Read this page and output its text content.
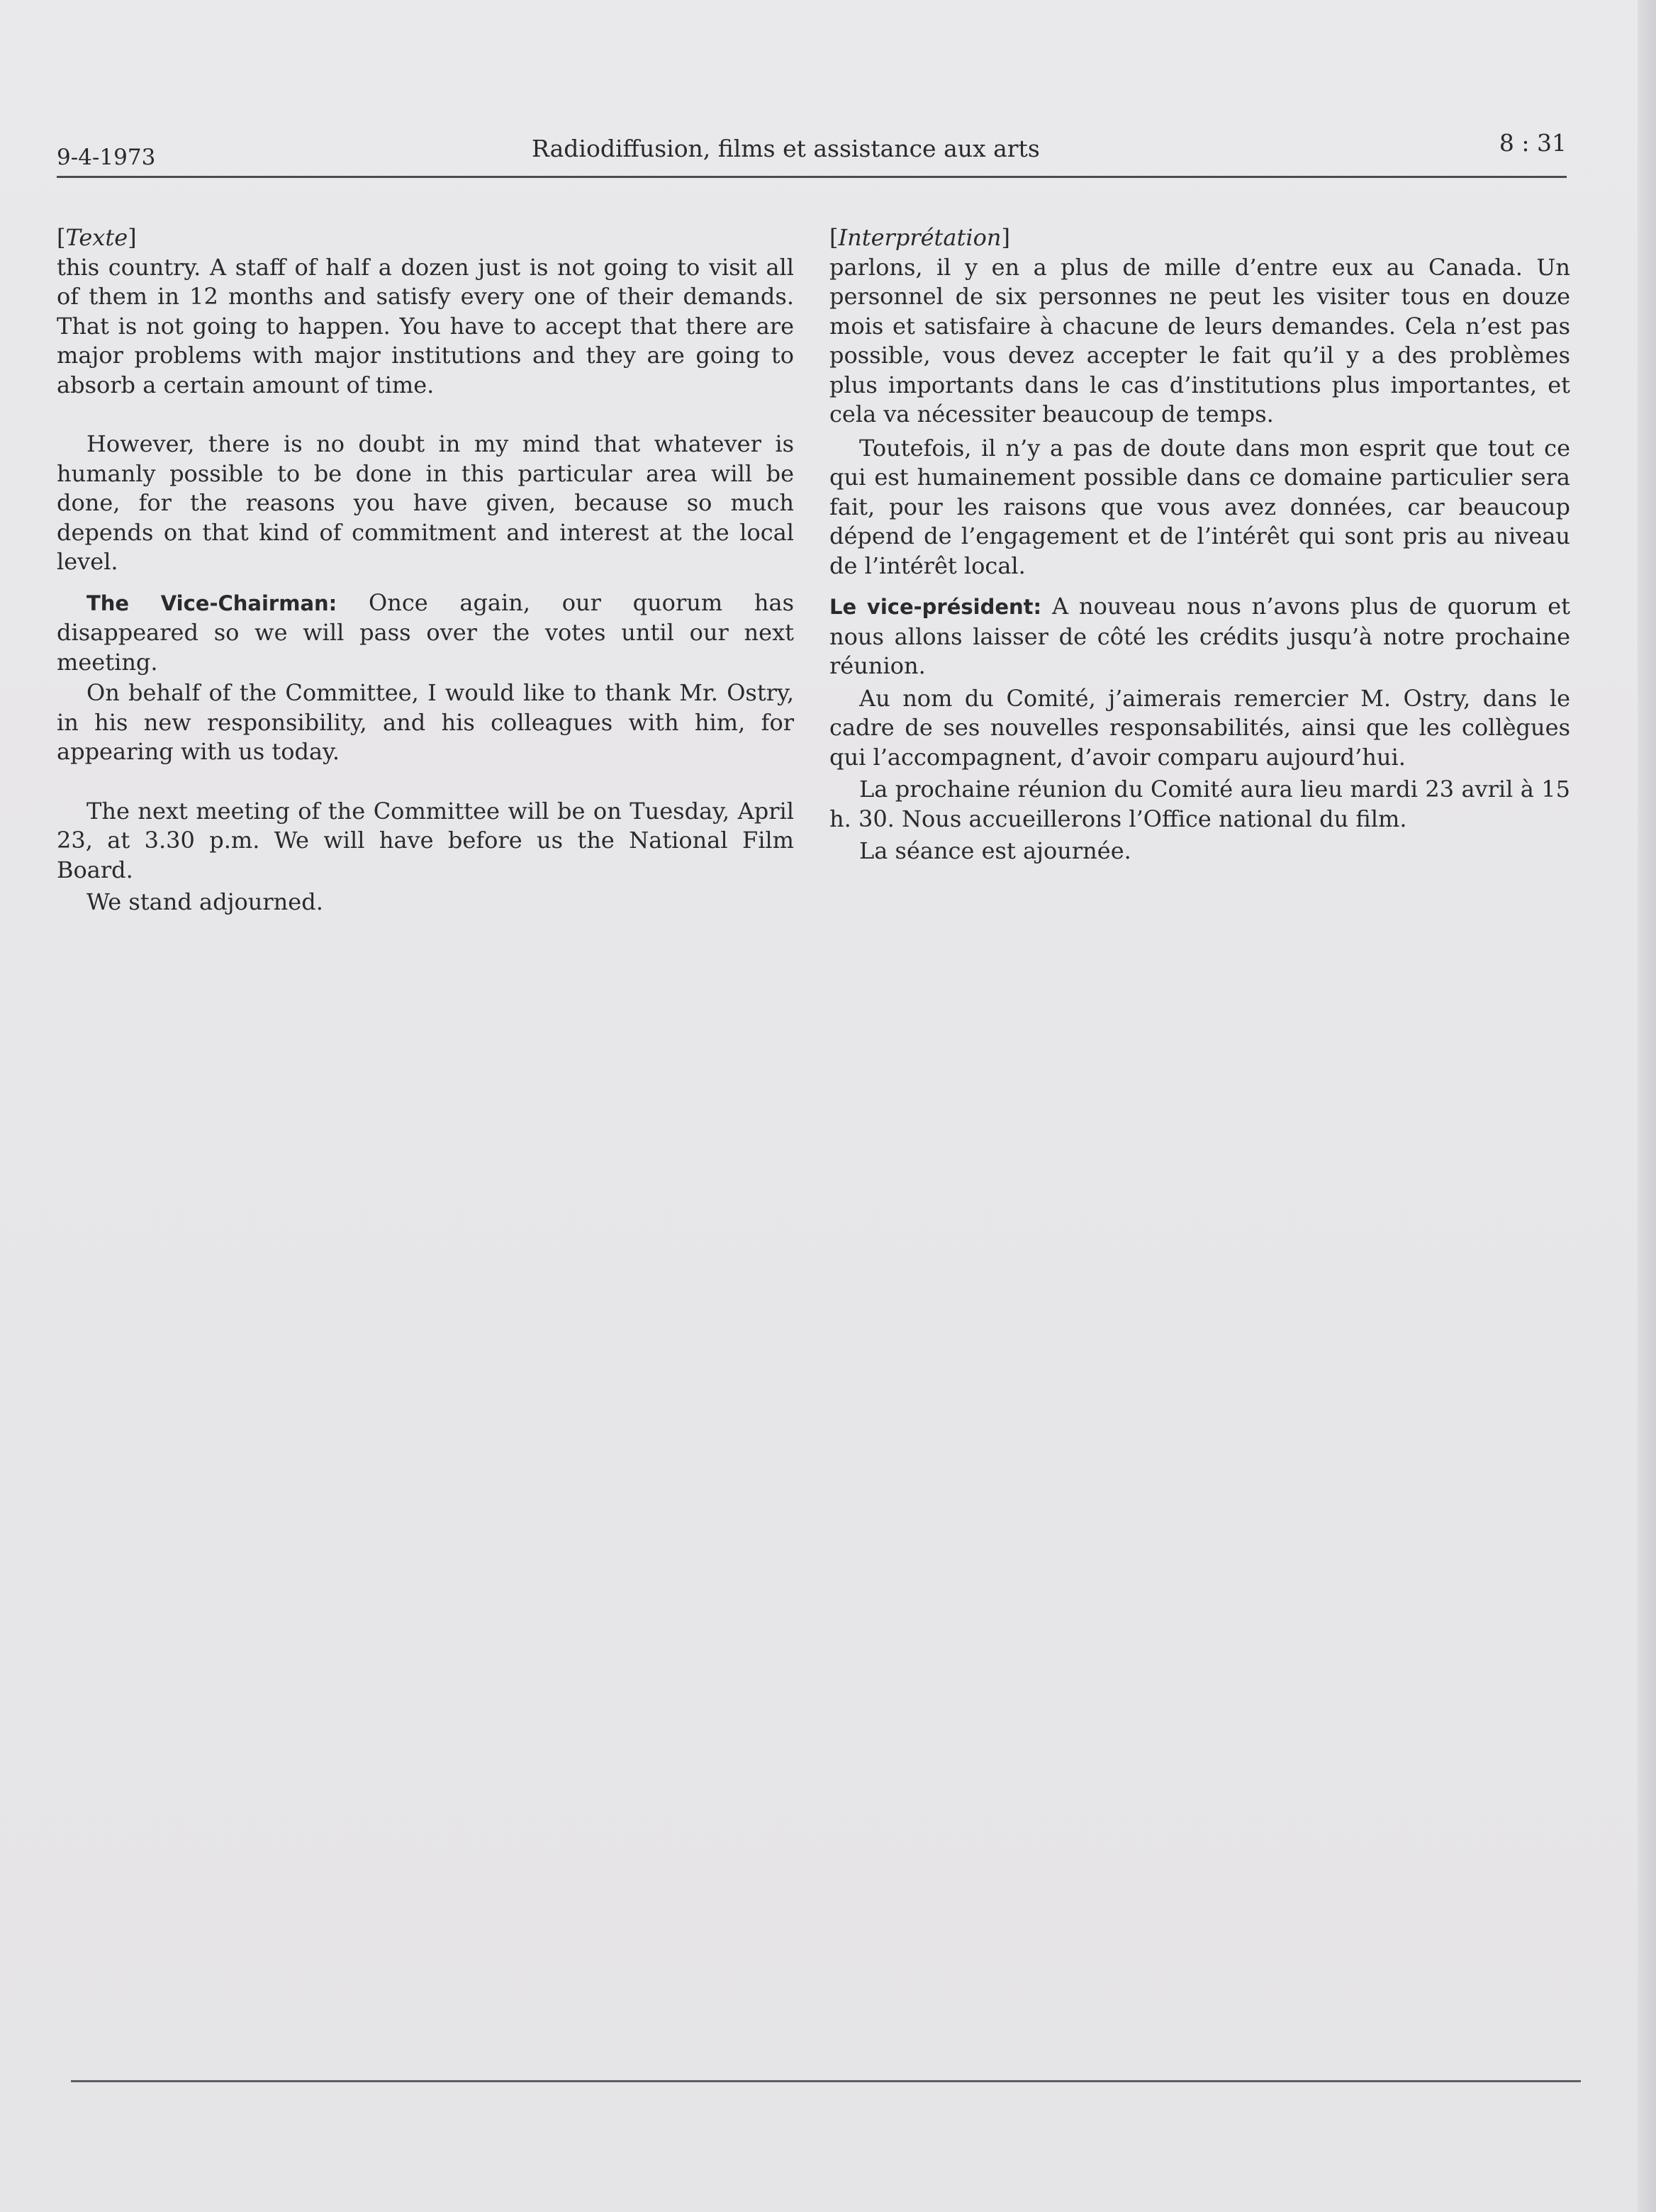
9-4-1973	Radiodiffusion, films et assistance aux arts	8 : 31

[Texte]

this country. A staff of half a dozen just is not going to visit all of them in 12 months and satisfy every one of their demands. That is not going to happen. You have to accept that there are major problems with major institutions and they are going to absorb a certain amount of time.

However, there is no doubt in my mind that whatever is humanly possible to be done in this particular area will be done, for the reasons you have given, because so much depends on that kind of commitment and interest at the local level.

The Vice-Chairman: Once again, our quorum has disappeared so we will pass over the votes until our next meeting.

On behalf of the Committee, I would like to thank Mr. Ostry, in his new responsibility, and his colleagues with him, for appearing with us today.

The next meeting of the Committee will be on Tuesday, April 23, at 3.30 p.m. We will have before us the National Film Board.

We stand adjourned.

[Interprétation]

parlons, il y en a plus de mille d’entre eux au Canada. Un personnel de six personnes ne peut les visiter tous en douze mois et satisfaire à chacune de leurs demandes. Cela n’est pas possible, vous devez accepter le fait qu’il y a des problèmes plus importants dans le cas d’institutions plus importantes, et cela va nécessiter beaucoup de temps.

Toutefois, il n’y a pas de doute dans mon esprit que tout ce qui est humainement possible dans ce domaine particulier sera fait, pour les raisons que vous avez données, car beaucoup dépend de l’engagement et de l’intérêt qui sont pris au niveau de l’intérêt local.

Le vice-président: A nouveau nous n’avons plus de quorum et nous allons laisser de côté les crédits jusqu’à notre prochaine réunion.

Au nom du Comité, j’aimerais remercier M. Ostry, dans le cadre de ses nouvelles responsabilités, ainsi que les collègues qui l’accompagnent, d’avoir comparu aujourd’hui.

La prochaine réunion du Comité aura lieu mardi 23 avril à 15 h. 30. Nous accueillerons l’Office national du film.

La séance est ajournée.
